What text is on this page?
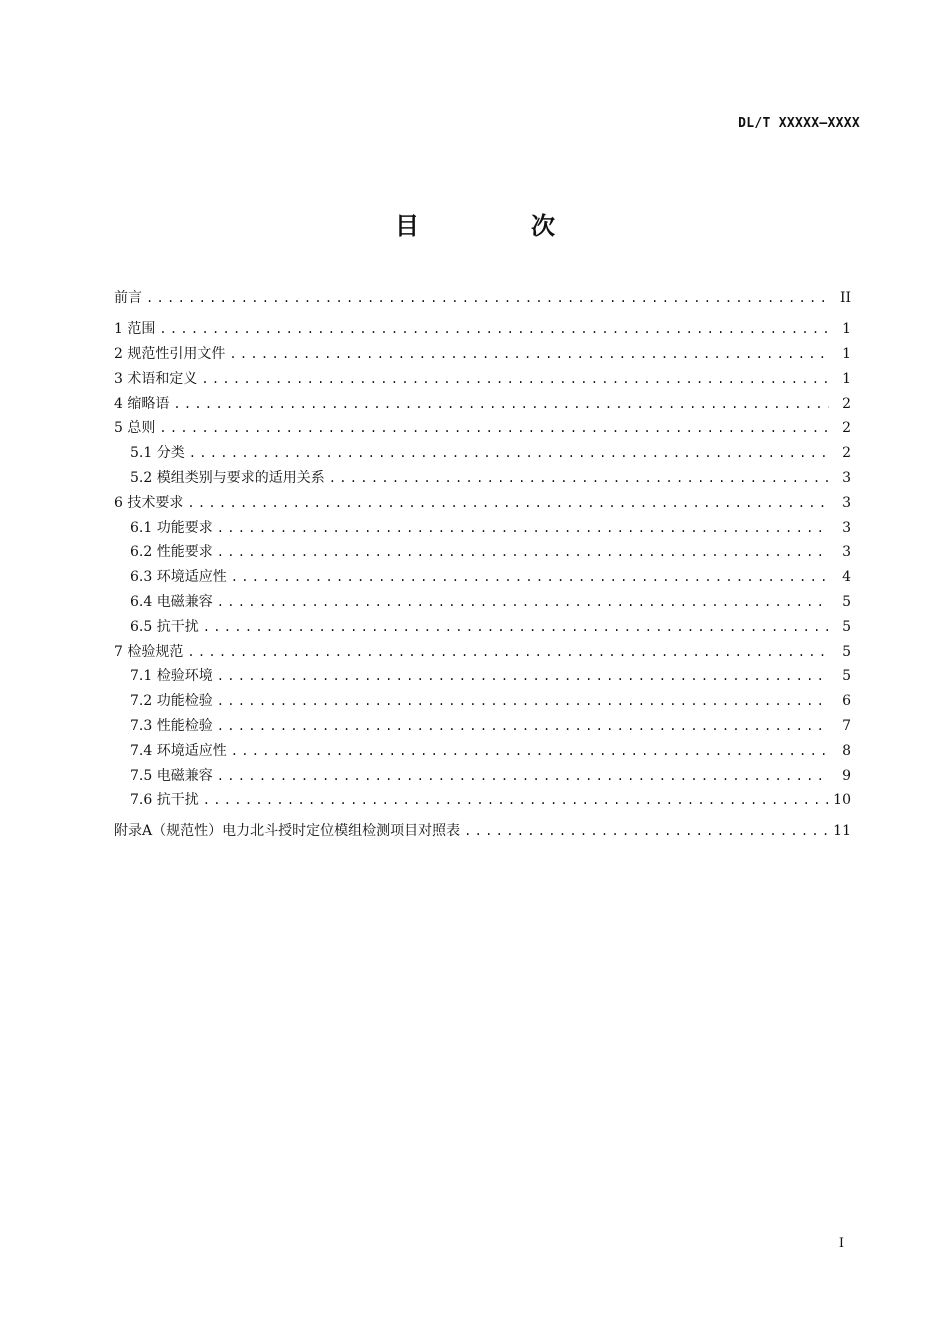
DL/T XXXXX—XXXX
目　次
前言 .....	II
1 范围 .....	1
2 规范性引用文件 .....	1
3 术语和定义 .....	1
4 缩略语 .....	2
5 总则 .....	2
5.1 分类 .....	2
5.2 模组类别与要求的适用关系 .....	3
6 技术要求 .....	3
6.1 功能要求 .....	3
6.2 性能要求 .....	3
6.3 环境适应性 .....	4
6.4 电磁兼容 .....	5
6.5 抗干扰 .....	5
7 检验规范 .....	5
7.1 检验环境 .....	5
7.2 功能检验 .....	6
7.3 性能检验 .....	7
7.4 环境适应性 .....	8
7.5 电磁兼容 .....	9
7.6 抗干扰 .....	10
附录A（规范性）电力北斗授时定位模组检测项目对照表 .....	11
I
